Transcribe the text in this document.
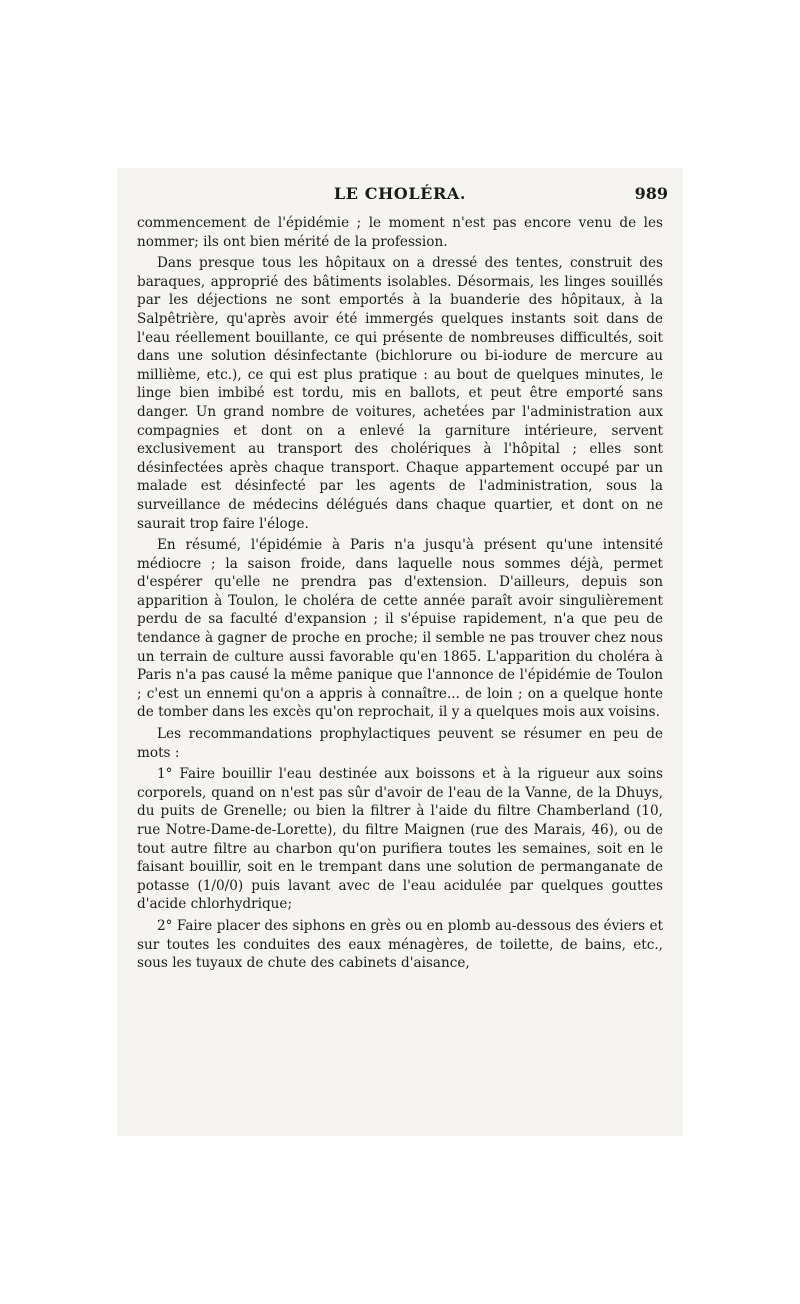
LE CHOLÉRA.	989

commencement de l'épidémie ; le moment n'est pas encore venu de les nommer; ils ont bien mérité de la profession.

Dans presque tous les hôpitaux on a dressé des tentes, construit des baraques, approprié des bâtiments isolables. Désormais, les linges souillés par les déjections ne sont emportés à la buanderie des hôpitaux, à la Salpêtrière, qu'après avoir été immergés quelques instants soit dans de l'eau réellement bouillante, ce qui présente de nombreuses difficultés, soit dans une solution désinfectante (bichlorure ou bi-iodure de mercure au millième, etc.), ce qui est plus pratique : au bout de quelques minutes, le linge bien imbibé est tordu, mis en ballots, et peut être emporté sans danger. Un grand nombre de voitures, achetées par l'administration aux compagnies et dont on a enlevé la garniture intérieure, servent exclusivement au transport des cholériques à l'hôpital ; elles sont désinfectées après chaque transport. Chaque appartement occupé par un malade est désinfecté par les agents de l'administration, sous la surveillance de médecins délégués dans chaque quartier, et dont on ne saurait trop faire l'éloge.

En résumé, l'épidémie à Paris n'a jusqu'à présent qu'une intensité médiocre ; la saison froide, dans laquelle nous sommes déjà, permet d'espérer qu'elle ne prendra pas d'extension. D'ailleurs, depuis son apparition à Toulon, le choléra de cette année paraît avoir singulièrement perdu de sa faculté d'expansion ; il s'épuise rapidement, n'a que peu de tendance à gagner de proche en proche; il semble ne pas trouver chez nous un terrain de culture aussi favorable qu'en 1865. L'apparition du choléra à Paris n'a pas causé la même panique que l'annonce de l'épidémie de Toulon ; c'est un ennemi qu'on a appris à connaître... de loin ; on a quelque honte de tomber dans les excès qu'on reprochait, il y a quelques mois aux voisins.

Les recommandations prophylactiques peuvent se résumer en peu de mots :

1° Faire bouillir l'eau destinée aux boissons et à la rigueur aux soins corporels, quand on n'est pas sûr d'avoir de l'eau de la Vanne, de la Dhuys, du puits de Grenelle; ou bien la filtrer à l'aide du filtre Chamberland (10, rue Notre-Dame-de-Lorette), du filtre Maignen (rue des Marais, 46), ou de tout autre filtre au charbon qu'on purifiera toutes les semaines, soit en le faisant bouillir, soit en le trempant dans une solution de permanganate de potasse (1/0/0) puis lavant avec de l'eau acidulée par quelques gouttes d'acide chlorhydrique;

2° Faire placer des siphons en grès ou en plomb au-dessous des éviers et sur toutes les conduites des eaux ménagères, de toilette, de bains, etc., sous les tuyaux de chute des cabinets d'aisance,
